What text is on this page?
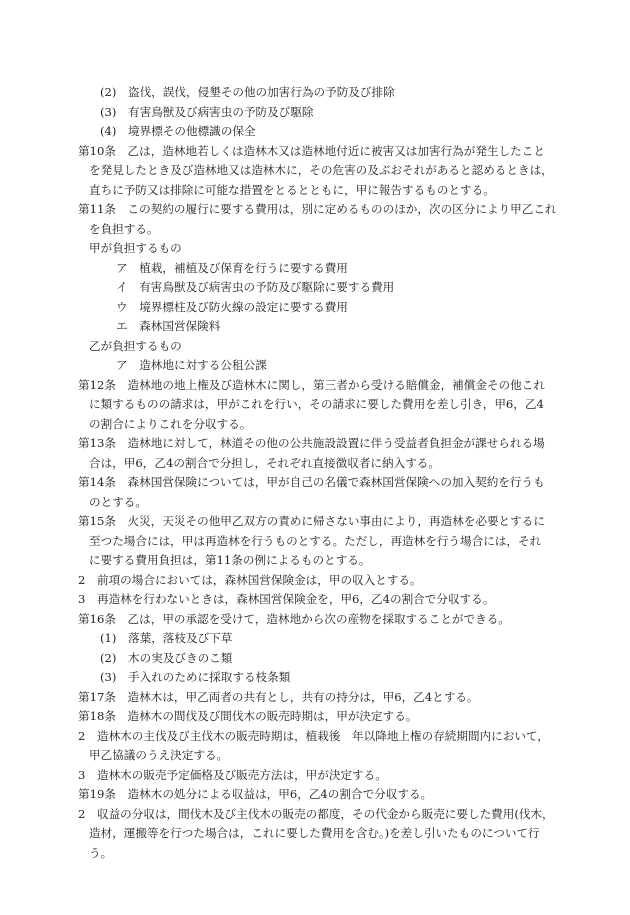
(2)　盗伐，誤伐，侵墾その他の加害行為の予防及び排除
(3)　有害鳥獣及び病害虫の予防及び駆除
(4)　境界標その他標識の保全
第10条　乙は，造林地若しくは造林木又は造林地付近に被害又は加害行為が発生したこと
を発見したとき及び造林地又は造林木に，その危害の及ぶおそれがあると認めるときは，
直ちに予防又は排除に可能な措置をとるとともに，甲に報告するものとする。
第11条　この契約の履行に要する費用は，別に定めるもののほか，次の区分により甲乙これ
を負担する。
甲が負担するもの
ア　植栽，補植及び保育を行うに要する費用
イ　有害鳥獣及び病害虫の予防及び駆除に要する費用
ウ　境界標柱及び防火線の設定に要する費用
エ　森林国営保険料
乙が負担するもの
ア　造林地に対する公租公課
第12条　造林地の地上権及び造林木に関し，第三者から受ける賠償金，補償金その他これ
に類するものの請求は，甲がこれを行い，その請求に要した費用を差し引き，甲6，乙4
の割合によりこれを分収する。
第13条　造林地に対して，林道その他の公共施設設置に伴う受益者負担金が課せられる場
合は，甲6，乙4の割合で分担し，それぞれ直接徴収者に納入する。
第14条　森林国営保険については，甲が自己の名儀で森林国営保険への加入契約を行うも
のとする。
第15条　火災，天災その他甲乙双方の責めに帰さない事由により，再造林を必要とするに
至つた場合には，甲は再造林を行うものとする。ただし，再造林を行う場合には，それ
に要する費用負担は，第11条の例によるものとする。
2　前項の場合においては，森林国営保険金は，甲の収入とする。
3　再造林を行わないときは，森林国営保険金を，甲6，乙4の割合で分収する。
第16条　乙は，甲の承認を受けて，造林地から次の産物を採取することができる。
(1)　落葉，落枝及び下草
(2)　木の実及びきのこ類
(3)　手入れのために採取する枝条類
第17条　造林木は，甲乙両者の共有とし，共有の持分は，甲6，乙4とする。
第18条　造林木の間伐及び間伐木の販売時期は，甲が決定する。
2　造林木の主伐及び主伐木の販売時期は，植栽後　年以降地上権の存続期間内において，
甲乙協議のうえ決定する。
3　造林木の販売予定価格及び販売方法は，甲が決定する。
第19条　造林木の処分による収益は，甲6，乙4の割合で分収する。
2　収益の分収は，間伐木及び主伐木の販売の都度，その代金から販売に要した費用(伐木，
造材，運搬等を行つた場合は，これに要した費用を含む。)を差し引いたものについて行
う。
